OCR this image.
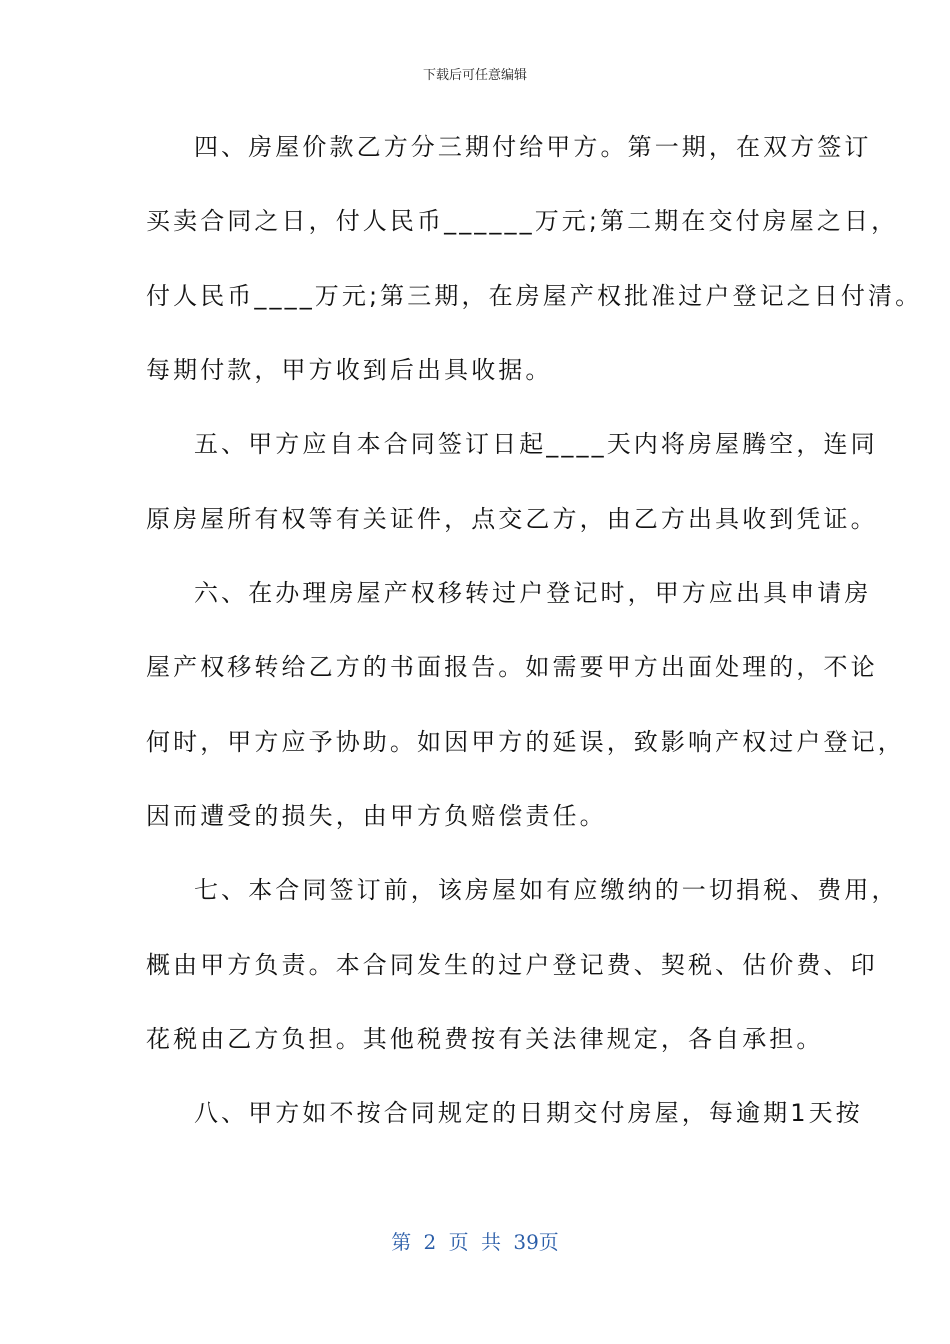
下载后可任意编辑
四、房屋价款乙方分三期付给甲方。第一期，在双方签订
买卖合同之日，付人民币______万元;第二期在交付房屋之日，
付人民币____万元;第三期，在房屋产权批准过户登记之日付清。
每期付款，甲方收到后出具收据。
五、甲方应自本合同签订日起____天内将房屋腾空，连同
原房屋所有权等有关证件，点交乙方，由乙方出具收到凭证。
六、在办理房屋产权移转过户登记时，甲方应出具申请房
屋产权移转给乙方的书面报告。如需要甲方出面处理的，不论
何时，甲方应予协助。如因甲方的延误，致影响产权过户登记，
因而遭受的损失，由甲方负赔偿责任。
七、本合同签订前，该房屋如有应缴纳的一切捐税、费用，
概由甲方负责。本合同发生的过户登记费、契税、估价费、印
花税由乙方负担。其他税费按有关法律规定，各自承担。
八、甲方如不按合同规定的日期交付房屋，每逾期1天按
第 2 页 共 39页
